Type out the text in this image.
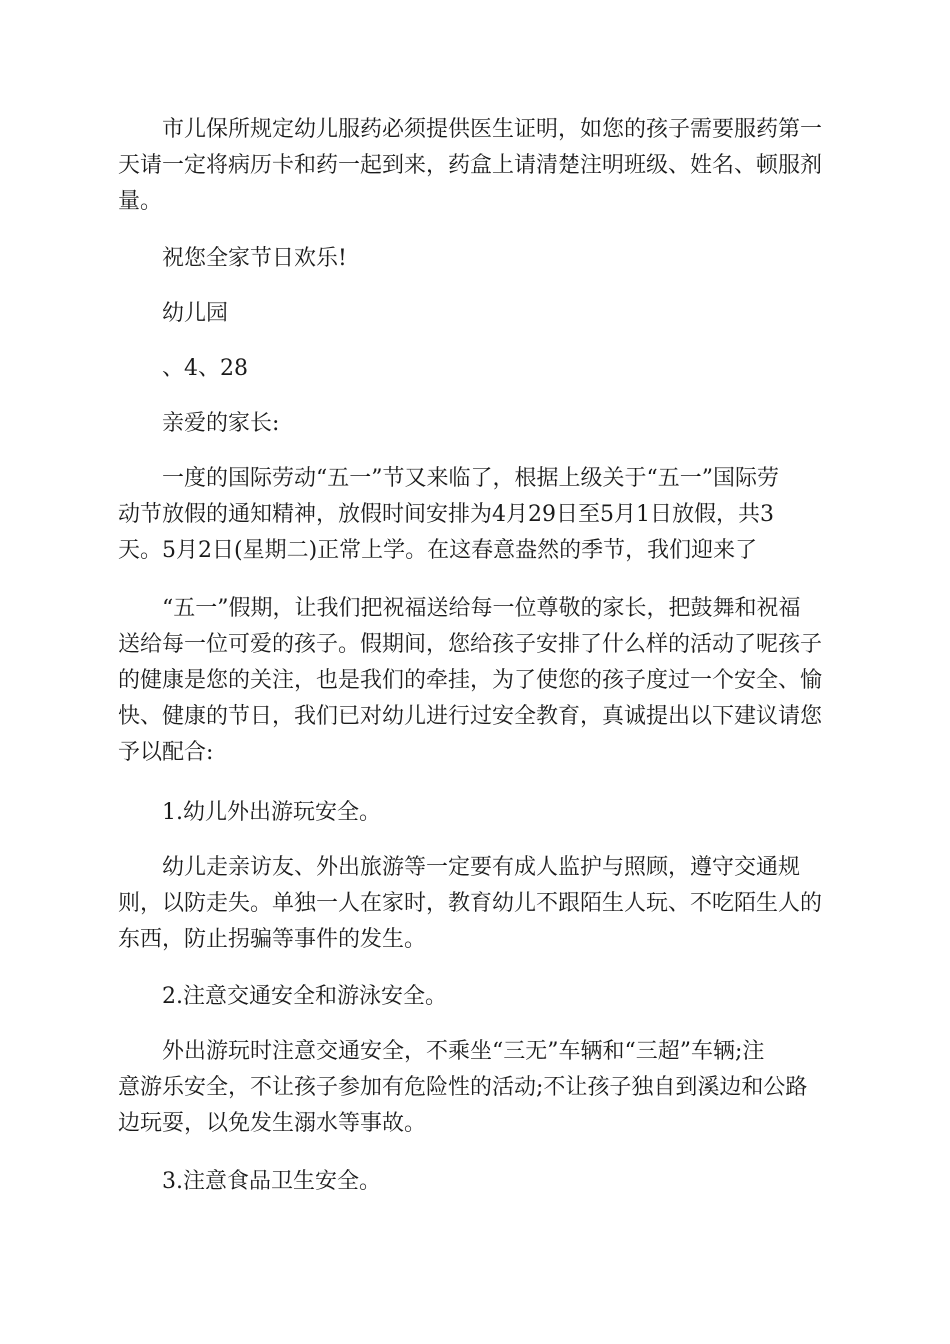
市儿保所规定幼儿服药必须提供医生证明，如您的孩子需要服药第一
天请一定将病历卡和药一起到来，药盒上请清楚注明班级、姓名、顿服剂
量。

祝您全家节日欢乐!

幼儿园

、4、28

亲爱的家长:

一度的国际劳动“五一”节又来临了，根据上级关于“五一”国际劳
动节放假的通知精神，放假时间安排为4月29日至5月1日放假，共3
天。5月2日(星期二)正常上学。在这春意盎然的季节，我们迎来了

“五一”假期，让我们把祝福送给每一位尊敬的家长，把鼓舞和祝福
送给每一位可爱的孩子。假期间，您给孩子安排了什么样的活动了呢孩子
的健康是您的关注，也是我们的牵挂，为了使您的孩子度过一个安全、愉
快、健康的节日，我们已对幼儿进行过安全教育，真诚提出以下建议请您
予以配合:

1.幼儿外出游玩安全。

幼儿走亲访友、外出旅游等一定要有成人监护与照顾，遵守交通规
则，以防走失。单独一人在家时，教育幼儿不跟陌生人玩、不吃陌生人的
东西，防止拐骗等事件的发生。

2.注意交通安全和游泳安全。

外出游玩时注意交通安全，不乘坐“三无”车辆和“三超”车辆;注
意游乐安全，不让孩子参加有危险性的活动;不让孩子独自到溪边和公路
边玩耍，以免发生溺水等事故。

3.注意食品卫生安全。
